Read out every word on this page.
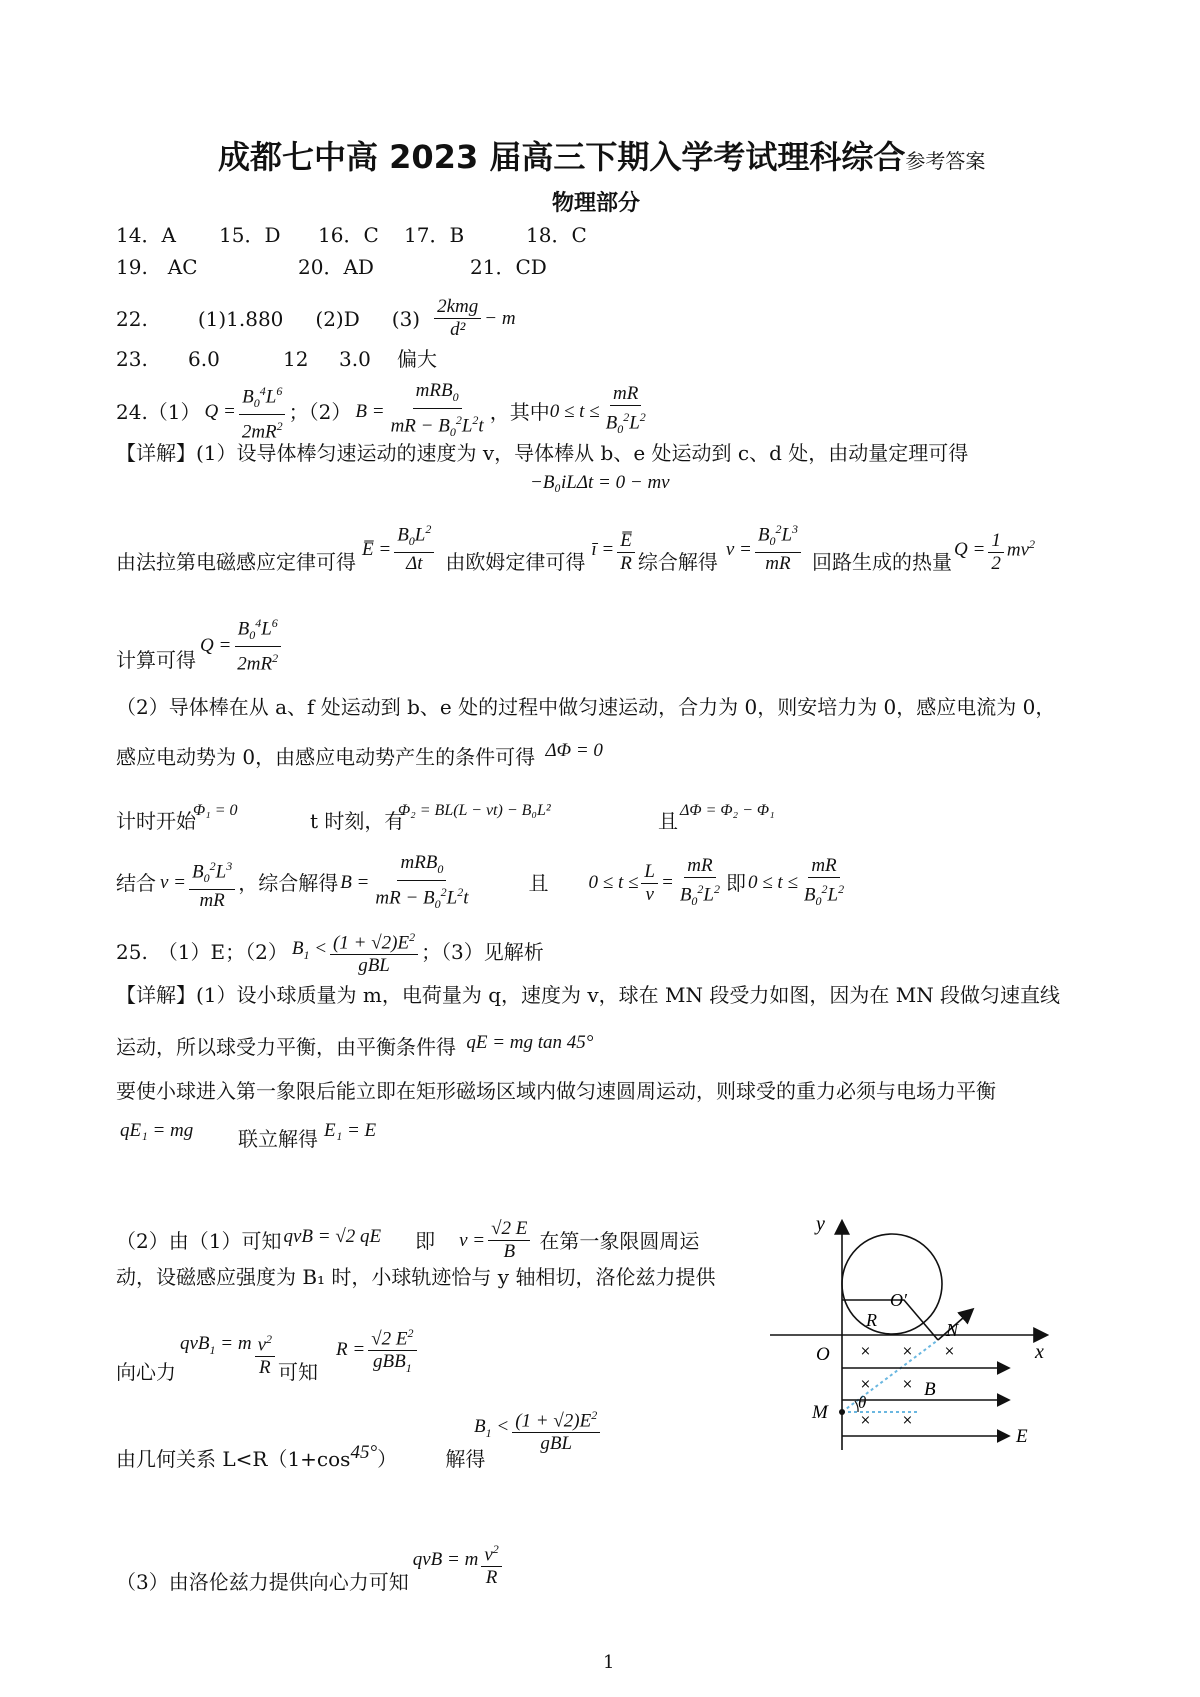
成都七中高 2023 届高三下期入学考试理科综合参考答案
物理部分
14．A 15．D 16．C 17．B	18．C
19.　AC	20．AD	21．CD
22.	(1)1.880 (2)D $(3) \frac{\text{2kmg}}{\text{d²}} - m$
23. 6.0	12 3.0 偏大
24.（1） $Q = \frac{B_0^4L^6}{2mR^2}$ ；（2） $B = \frac{mRB_0}{mR - B_0^2L^2t}$ ，其中 $0 \le t \le \frac{mR}{B_0^2L^2}$
【详解】(1）设导体棒匀速运动的速度为 v，导体棒从 b、e 处运动到 c、d 处，由动量定理可得
−B₀iLΔt = 0 − mv
由法拉第电磁感应定律可得
E̅ = $\frac{B_0L^2}{\Delta t}$ 由欧姆定律可得
ī = $\frac{E̅}{R}$ 综合解得
$v = \frac{B_0^2L^3}{mR}$ 回路生成的热量
$Q = \frac{1}{2} mv^2$
计算可得
$Q = \frac{B_0^4L^6}{2mR^2}$
（2）导体棒在从 a、f 处运动到 b、e 处的过程中做匀速运动，合力为 0，则安培力为 0，感应电流为 0，
感应电动势为 0，由感应电动势产生的条件可得 ΔΦ = 0
计时开始
Φ₁ = 0	t 时刻，有
Φ₂ = BL(L − vt) − B₀L²	且 ΔΦ = Φ₂ − Φ₁
结合 $v = \frac{B_0^2L^3}{mR}$ ，综合解得 $B = \frac{mRB_0}{mR - B_0^2L^2t}$	且 $0 \le t \le \frac{L}{v} = \frac{mR}{B_0^2L^2}$ 即 $0 \le t \le \frac{mR}{B_0^2L^2}$
25.　（1）E；（2） $B_1 < \frac{(1 + √2)E^2}{\text{gBL}}$ ；（3）见解析
【详解】(1）设小球质量为 m，电荷量为 q，速度为 v，球在 MN 段受力如图，因为在 MN 段做匀速直线
运动，所以球受力平衡，由平衡条件得 qE = mg tan 45°
要使小球进入第一象限后能立即在矩形磁场区域内做匀速圆周运动，则球受的重力必须与电场力平衡
qE₁ = mg 联立解得 E₁ = E
（2）由（1）可知 qvB = √2 qE 即 $v = \frac{√2 E}{B}$ 在第一象限圆周运
动，设磁感应强度为 B₁ 时，小球轨迹恰与 y 轴相切，洛伦兹力提供
向心力
qvB$_1$ = m $\frac{v^2}{R}$ 可知
$R = \frac{√2 E^2}{gBB_1}$
由几何关系 L<R（1+cos45°） 解得
$B_1 < \frac{(1 + √2)E^2}{\text{gBL}}$
（3）由洛伦兹力提供向心力可知
qvB = m $\frac{v^2}{R}$
y
x
O
O′
R	N
M θ
× × ×
× ×
× ×
B
E
1
